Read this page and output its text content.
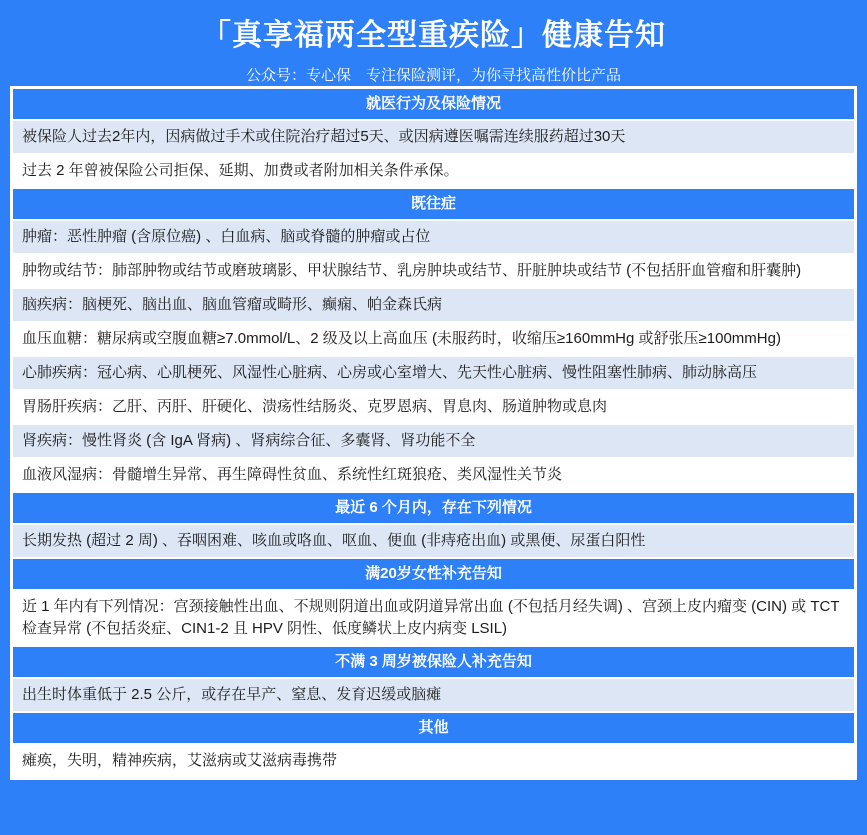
「真享福两全型重疾险」健康告知

公众号：专心保　专注保险测评，为你寻找高性价比产品

就医行为及保险情况
被保险人过去2年内，因病做过手术或住院治疗超过5天、或因病遵医嘱需连续服药超过30天
过去 2 年曾被保险公司拒保、延期、加费或者附加相关条件承保。
既往症
肿瘤：恶性肿瘤 (含原位癌) 、白血病、脑或脊髓的肿瘤或占位
肿物或结节：肺部肿物或结节或磨玻璃影、甲状腺结节、乳房肿块或结节、肝脏肿块或结节 (不包括肝血管瘤和肝囊肿)
脑疾病：脑梗死、脑出血、脑血管瘤或畸形、癫痫、帕金森氏病
血压血糖：糖尿病或空腹血糖≥7.0mmol/L、2 级及以上高血压 (未服药时，收缩压≥160mmHg 或舒张压≥100mmHg)
心肺疾病：冠心病、心肌梗死、风湿性心脏病、心房或心室增大、先天性心脏病、慢性阻塞性肺病、肺动脉高压
胃肠肝疾病：乙肝、丙肝、肝硬化、溃疡性结肠炎、克罗恩病、胃息肉、肠道肿物或息肉
肾疾病：慢性肾炎 (含 IgA 肾病) 、肾病综合征、多囊肾、肾功能不全
血液风湿病：骨髓增生异常、再生障碍性贫血、系统性红斑狼疮、类风湿性关节炎
最近 6 个月内，存在下列情况
长期发热 (超过 2 周) 、吞咽困难、咳血或咯血、呕血、便血 (非痔疮出血) 或黑便、尿蛋白阳性
满20岁女性补充告知
近 1 年内有下列情况：宫颈接触性出血、不规则阴道出血或阴道异常出血 (不包括月经失调) 、宫颈上皮内瘤变 (CIN) 或 TCT 检查异常 (不包括炎症、CIN1-2 且 HPV 阴性、低度鳞状上皮内病变 LSIL)
不满 3 周岁被保险人补充告知
出生时体重低于 2.5 公斤，或存在早产、窒息、发育迟缓或脑瘫
其他
瘫痪，失明，精神疾病，艾滋病或艾滋病毒携带
